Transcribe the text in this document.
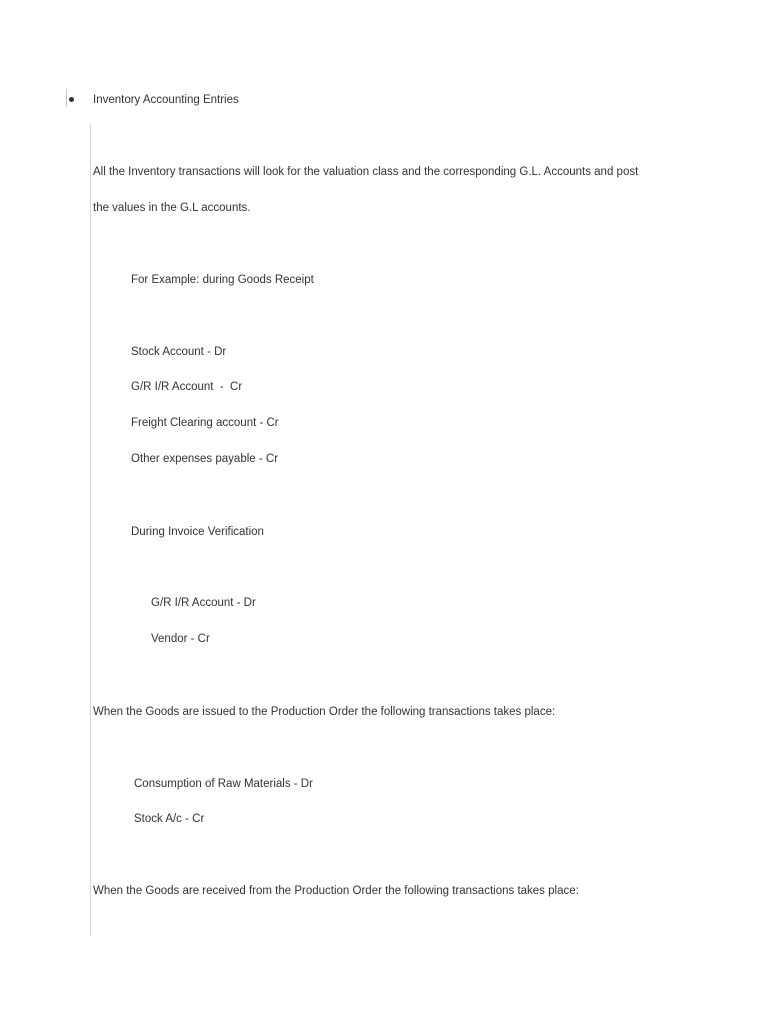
Inventory Accounting Entries
All the Inventory transactions will look for the valuation class and the corresponding G.L. Accounts and post
the values in the G.L accounts.
For Example: during Goods Receipt
Stock Account - Dr
G/R I/R Account  -  Cr
Freight Clearing account - Cr
Other expenses payable - Cr
During Invoice Verification
G/R I/R Account - Dr
Vendor - Cr
When the Goods are issued to the Production Order the following transactions takes place:
Consumption of Raw Materials - Dr
Stock A/c - Cr
When the Goods are received from the Production Order the following transactions takes place:
